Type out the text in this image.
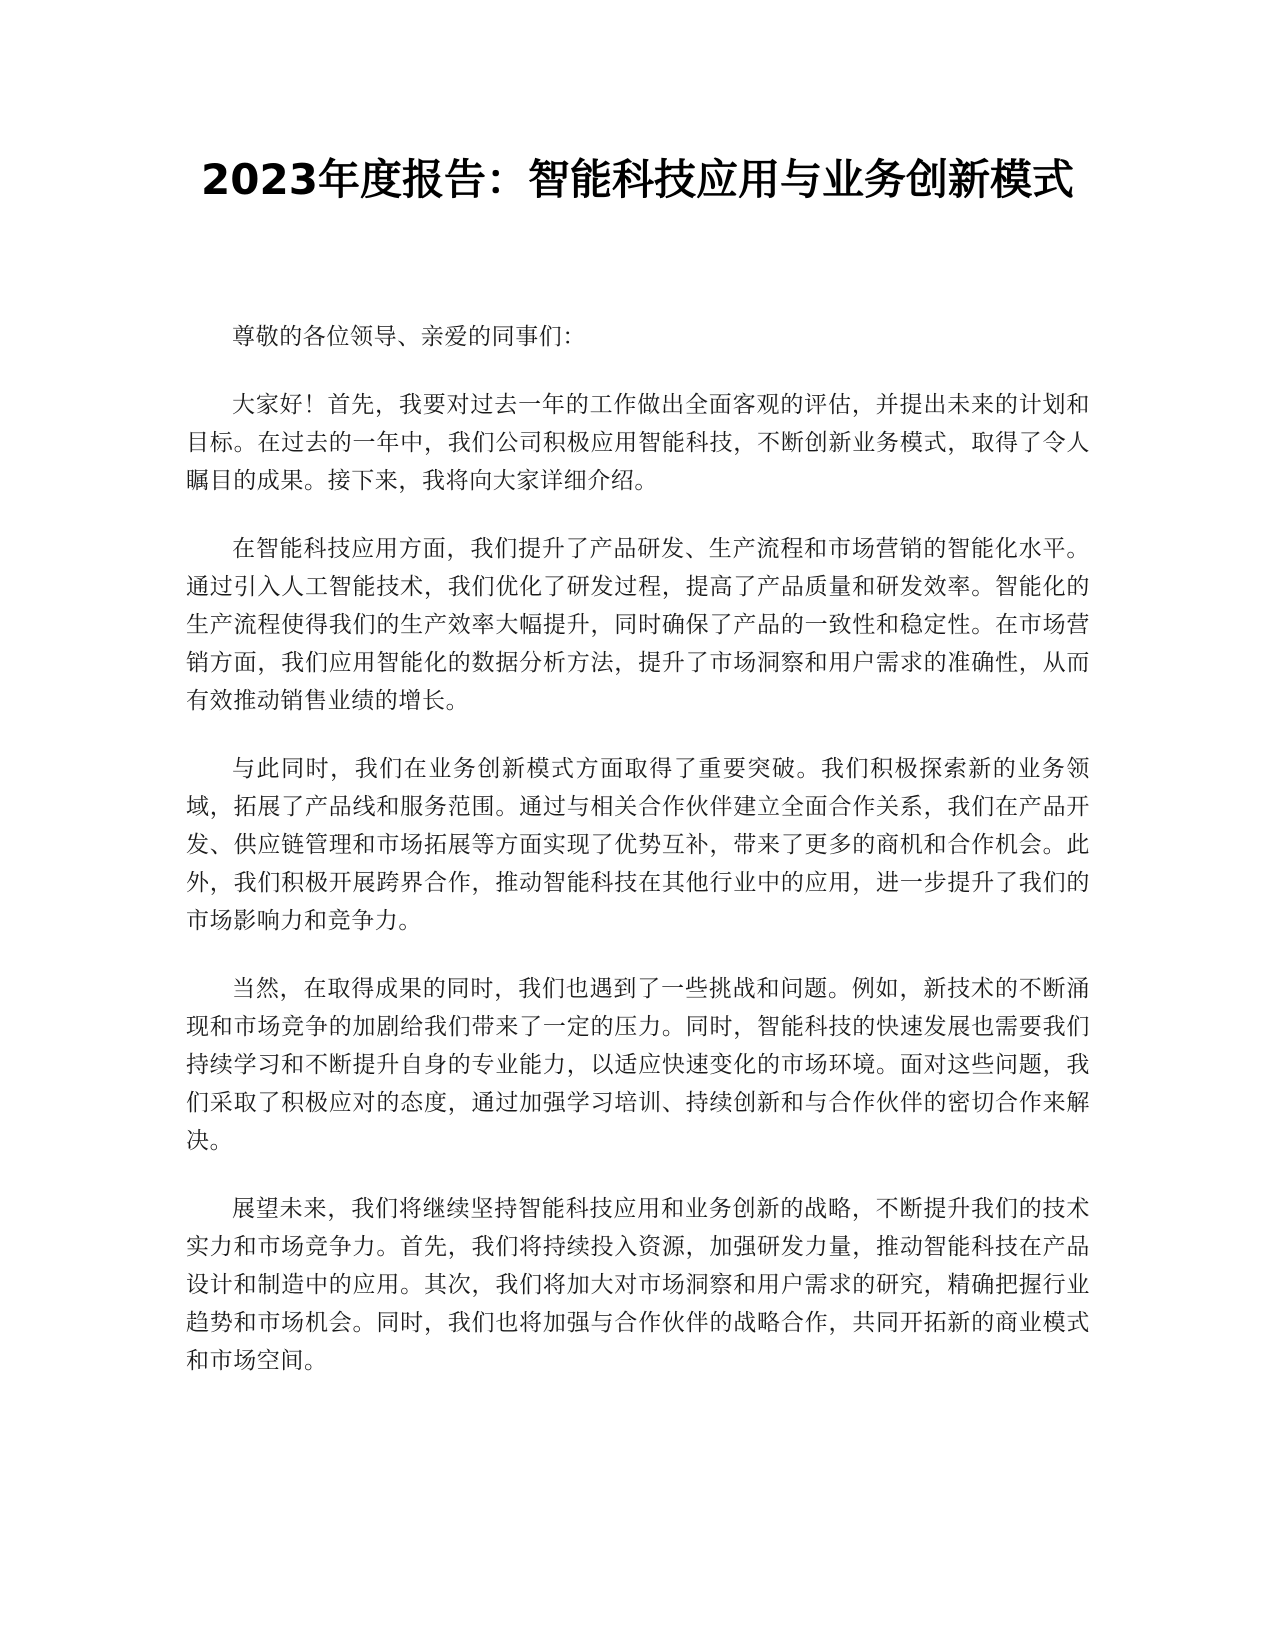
2023年度报告：智能科技应用与业务创新模式

尊敬的各位领导、亲爱的同事们：

大家好！首先，我要对过去一年的工作做出全面客观的评估，并提出未来的计划和目标。在过去的一年中，我们公司积极应用智能科技，不断创新业务模式，取得了令人瞩目的成果。接下来，我将向大家详细介绍。

在智能科技应用方面，我们提升了产品研发、生产流程和市场营销的智能化水平。通过引入人工智能技术，我们优化了研发过程，提高了产品质量和研发效率。智能化的生产流程使得我们的生产效率大幅提升，同时确保了产品的一致性和稳定性。在市场营销方面，我们应用智能化的数据分析方法，提升了市场洞察和用户需求的准确性，从而有效推动销售业绩的增长。

与此同时，我们在业务创新模式方面取得了重要突破。我们积极探索新的业务领域，拓展了产品线和服务范围。通过与相关合作伙伴建立全面合作关系，我们在产品开发、供应链管理和市场拓展等方面实现了优势互补，带来了更多的商机和合作机会。此外，我们积极开展跨界合作，推动智能科技在其他行业中的应用，进一步提升了我们的市场影响力和竞争力。

当然，在取得成果的同时，我们也遇到了一些挑战和问题。例如，新技术的不断涌现和市场竞争的加剧给我们带来了一定的压力。同时，智能科技的快速发展也需要我们持续学习和不断提升自身的专业能力，以适应快速变化的市场环境。面对这些问题，我们采取了积极应对的态度，通过加强学习培训、持续创新和与合作伙伴的密切合作来解决。

展望未来，我们将继续坚持智能科技应用和业务创新的战略，不断提升我们的技术实力和市场竞争力。首先，我们将持续投入资源，加强研发力量，推动智能科技在产品设计和制造中的应用。其次，我们将加大对市场洞察和用户需求的研究，精确把握行业趋势和市场机会。同时，我们也将加强与合作伙伴的战略合作，共同开拓新的商业模式和市场空间。
